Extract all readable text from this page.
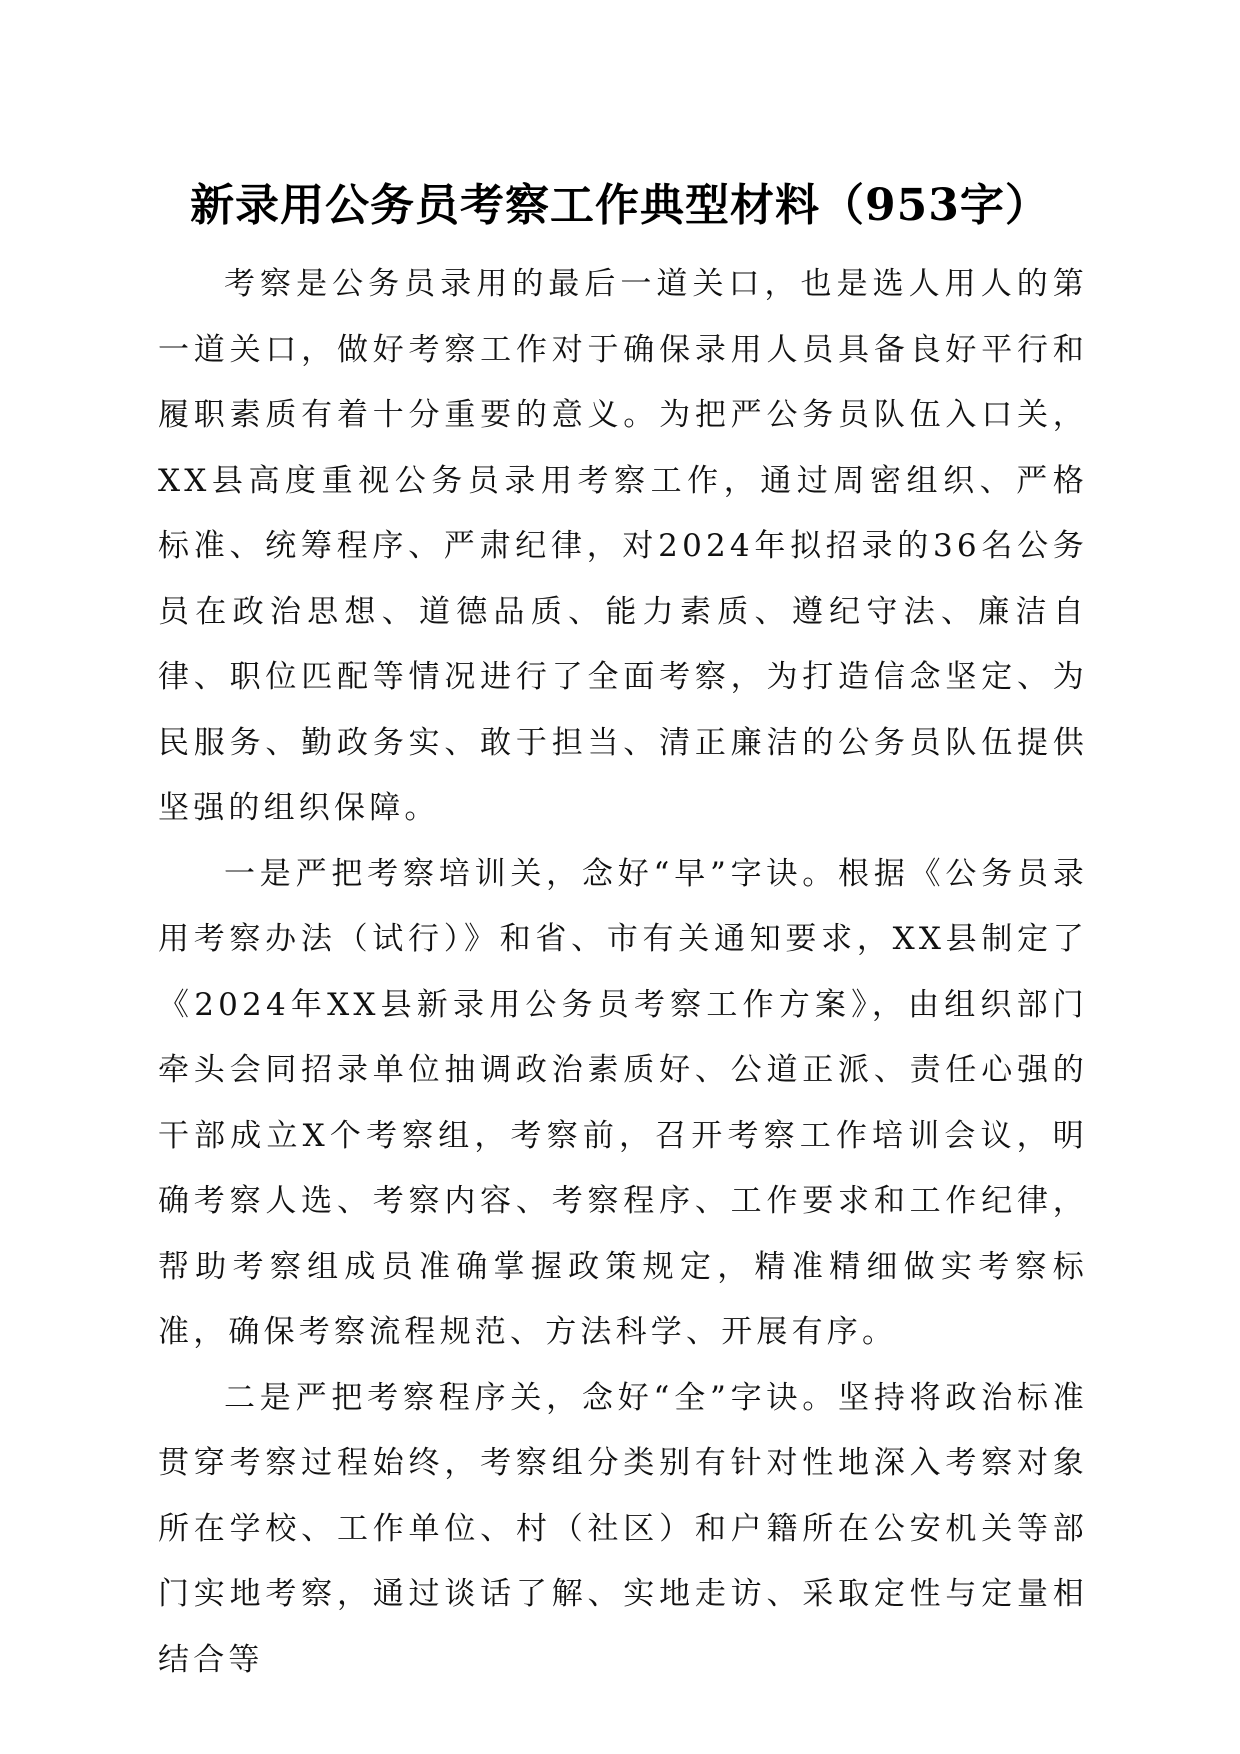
新录用公务员考察工作典型材料（953字）

考察是公务员录用的最后一道关口，也是选人用人的第一道关口，做好考察工作对于确保录用人员具备良好平行和履职素质有着十分重要的意义。为把严公务员队伍入口关，XX县高度重视公务员录用考察工作，通过周密组织、严格标准、统筹程序、严肃纪律，对2024年拟招录的36名公务员在政治思想、道德品质、能力素质、遵纪守法、廉洁自律、职位匹配等情况进行了全面考察，为打造信念坚定、为民服务、勤政务实、敢于担当、清正廉洁的公务员队伍提供坚强的组织保障。

一是严把考察培训关，念好“早”字诀。根据《公务员录用考察办法（试行）》和省、市有关通知要求，XX县制定了《2024年XX县新录用公务员考察工作方案》，由组织部门牵头会同招录单位抽调政治素质好、公道正派、责任心强的干部成立X个考察组，考察前，召开考察工作培训会议，明确考察人选、考察内容、考察程序、工作要求和工作纪律，帮助考察组成员准确掌握政策规定，精准精细做实考察标准，确保考察流程规范、方法科学、开展有序。

二是严把考察程序关，念好“全”字诀。坚持将政治标准贯穿考察过程始终，考察组分类别有针对性地深入考察对象所在学校、工作单位、村（社区）和户籍所在公安机关等部门实地考察，通过谈话了解、实地走访、采取定性与定量相结合等
